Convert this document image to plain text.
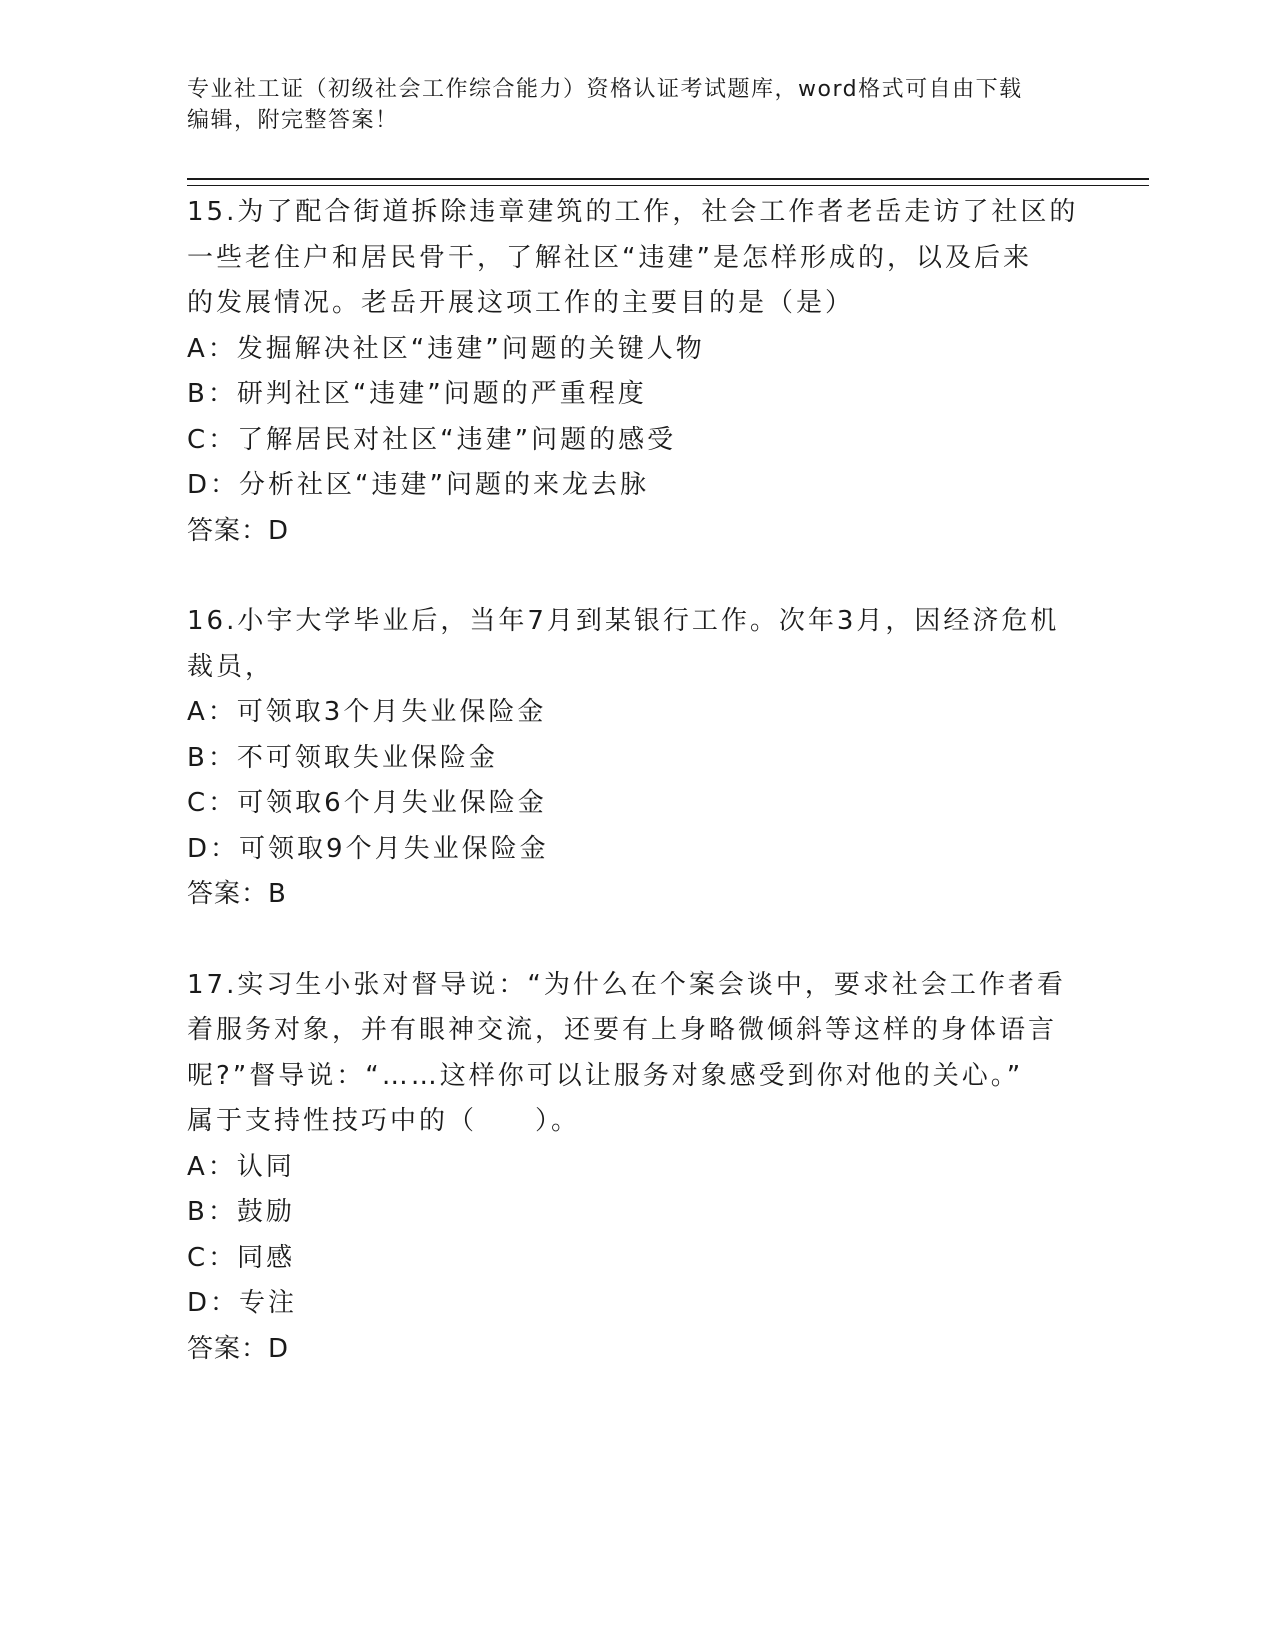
专业社工证（初级社会工作综合能力）资格认证考试题库，word格式可自由下载
编辑，附完整答案！
15.为了配合街道拆除违章建筑的工作，社会工作者老岳走访了社区的
一些老住户和居民骨干，了解社区“违建”是怎样形成的，以及后来
的发展情况。老岳开展这项工作的主要目的是（是）
A：发掘解决社区“违建”问题的关键人物
B：研判社区“违建”问题的严重程度
C：了解居民对社区“违建”问题的感受
D：分析社区“违建”问题的来龙去脉
答案：D
16.小宇大学毕业后，当年7月到某银行工作。次年3月，因经济危机
裁员，
A：可领取3个月失业保险金
B：不可领取失业保险金
C：可领取6个月失业保险金
D：可领取9个月失业保险金
答案：B
17.实习生小张对督导说：“为什么在个案会谈中，要求社会工作者看
着服务对象，并有眼神交流，还要有上身略微倾斜等这样的身体语言
呢?”督导说：“……这样你可以让服务对象感受到你对他的关心。”
属于支持性技巧中的（　　）。
A：认同
B：鼓励
C：同感
D：专注
答案：D
